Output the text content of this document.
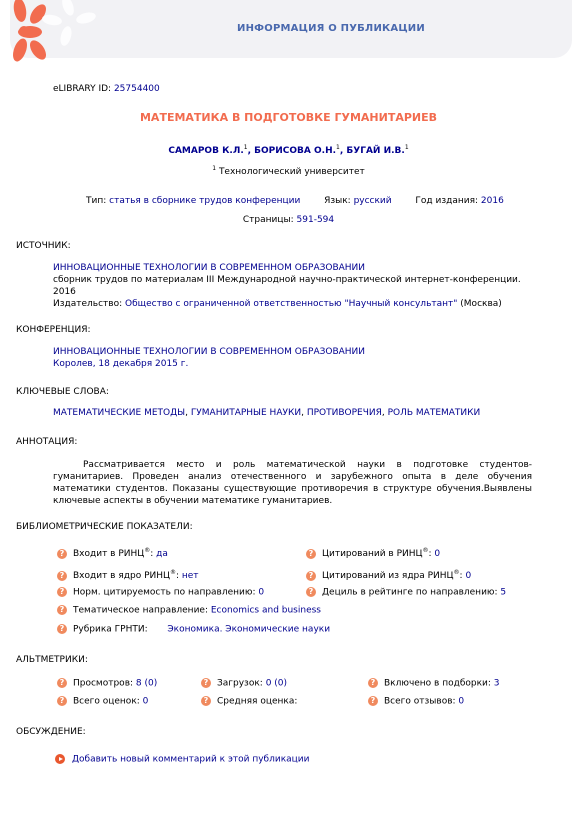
ИНФОРМАЦИЯ О ПУБЛИКАЦИИ
eLIBRARY ID: 25754400
МАТЕМАТИКА В ПОДГОТОВКЕ ГУМАНИТАРИЕВ
САМАРОВ К.Л.$^1$, БОРИСОВА О.Н.$^1$, БУГАЙ И.В.$^1$
$^1$ Технологический университет
Тип: статья в сборнике трудов конференции	Язык: русский	Год издания: 2016
Страницы: 591-594
ИСТОЧНИК:
ИННОВАЦИОННЫЕ ТЕХНОЛОГИИ В СОВРЕМЕННОМ ОБРАЗОВАНИИ
сборник трудов по материалам III Международной научно-практической интернет-конференции.
2016
Издательство: Общество с ограниченной ответственностью "Научный консультант" (Москва)
КОНФЕРЕНЦИЯ:
ИННОВАЦИОННЫЕ ТЕХНОЛОГИИ В СОВРЕМЕННОМ ОБРАЗОВАНИИ
Королев, 18 декабря 2015 г.
КЛЮЧЕВЫЕ СЛОВА:
МАТЕМАТИЧЕСКИЕ МЕТОДЫ, ГУМАНИТАРНЫЕ НАУКИ, ПРОТИВОРЕЧИЯ, РОЛЬ МАТЕМАТИКИ
АННОТАЦИЯ:
Рассматривается место и роль математической науки в подготовке студентов- гуманитариев. Проведен анализ отечественного и зарубежного опыта в деле обучения математики студентов. Показаны существующие противоречия в структуре обучения.Выявлены ключевые аспекты в обучении математике гуманитариев.
БИБЛИОМЕТРИЧЕСКИЕ ПОКАЗАТЕЛИ:
? Входит в РИНЦ®: да	? Цитирований в РИНЦ®: 0
? Входит в ядро РИНЦ®: нет	? Цитирований из ядра РИНЦ®: 0
? Норм. цитируемость по направлению: 0	? Дециль в рейтинге по направлению: 5
? Тематическое направление: Economics and business
? Рубрика ГРНТИ: Экономика. Экономические науки
АЛЬТМЕТРИКИ:
? Просмотров: 8 (0)	? Загрузок: 0 (0)	? Включено в подборки: 3
? Всего оценок: 0	? Средняя оценка:	? Всего отзывов: 0
ОБСУЖДЕНИЕ:
Добавить новый комментарий к этой публикации
